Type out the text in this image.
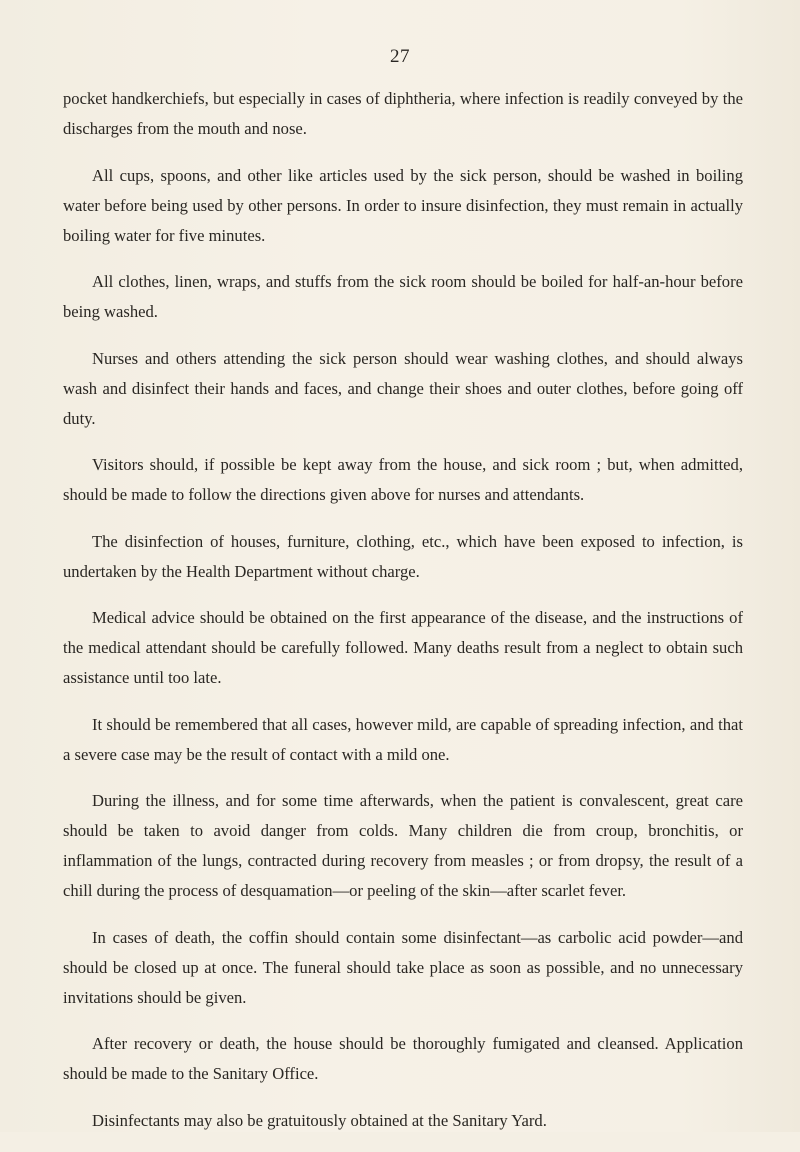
27

pocket handkerchiefs, but especially in cases of diphtheria, where infection is readily conveyed by the discharges from the mouth and nose.

All cups, spoons, and other like articles used by the sick person, should be washed in boiling water before being used by other persons. In order to insure disinfection, they must remain in actually boiling water for five minutes.

All clothes, linen, wraps, and stuffs from the sick room should be boiled for half-an-hour before being washed.

Nurses and others attending the sick person should wear washing clothes, and should always wash and disinfect their hands and faces, and change their shoes and outer clothes, before going off duty.

Visitors should, if possible be kept away from the house, and sick room ; but, when admitted, should be made to follow the directions given above for nurses and attendants.

The disinfection of houses, furniture, clothing, etc., which have been exposed to infection, is undertaken by the Health Department without charge.

Medical advice should be obtained on the first appearance of the disease, and the instructions of the medical attendant should be carefully followed. Many deaths result from a neglect to obtain such assistance until too late.

It should be remembered that all cases, however mild, are capable of spreading infection, and that a severe case may be the result of contact with a mild one.

During the illness, and for some time afterwards, when the patient is convalescent, great care should be taken to avoid danger from colds. Many children die from croup, bronchitis, or inflammation of the lungs, contracted during recovery from measles ; or from dropsy, the result of a chill during the process of desquamation—or peeling of the skin—after scarlet fever.

In cases of death, the coffin should contain some disinfectant—as carbolic acid powder—and should be closed up at once. The funeral should take place as soon as possible, and no unnecessary invitations should be given.

After recovery or death, the house should be thoroughly fumigated and cleansed. Application should be made to the Sanitary Office.

Disinfectants may also be gratuitously obtained at the Sanitary Yard.
